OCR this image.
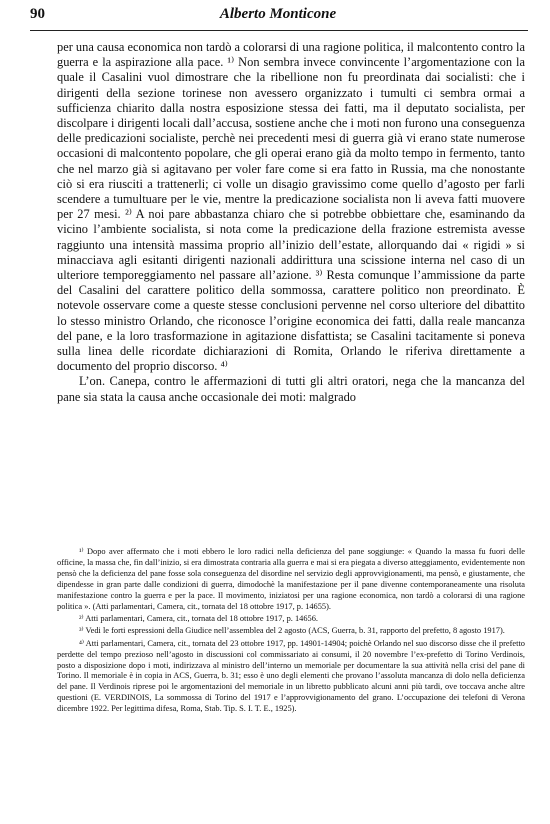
90	Alberto Monticone

per una causa economica non tardò a colorarsi di una ragione politica, il malcontento contro la guerra e la aspirazione alla pace. ¹⁾ Non sembra invece convincente l’argomentazione con la quale il Casalini vuol dimostrare che la ribellione non fu preordinata dai socialisti: che i dirigenti della sezione torinese non avessero organizzato i tumulti ci sembra ormai a sufficienza chiarito dalla nostra esposizione stessa dei fatti, ma il deputato socialista, per discolpare i dirigenti locali dall’accusa, sostiene anche che i moti non furono una conseguenza delle predicazioni socialiste, perchè nei precedenti mesi di guerra già vi erano state numerose occasioni di malcontento popolare, che gli operai erano già da molto tempo in fermento, tanto che nel marzo già si agitavano per voler fare come si era fatto in Russia, ma che nonostante ciò si era riusciti a trattenerli; ci volle un disagio gravissimo come quello d’agosto per farli scendere a tumultuare per le vie, mentre la predicazione socialista non li aveva fatti muovere per 27 mesi. ²⁾ A noi pare abbastanza chiaro che si potrebbe obbiettare che, esaminando da vicino l’ambiente socialista, si nota come la predicazione della frazione estremista avesse raggiunto una intensità massima proprio all’inizio dell’estate, allorquando dai « rigidi » si minacciava agli esitanti dirigenti nazionali addirittura una scissione interna nel caso di un ulteriore temporeggiamento nel passare all’azione. ³⁾ Resta comunque l’ammissione da parte del Casalini del carattere politico della sommossa, carattere politico non preordinato. È notevole osservare come a queste stesse conclusioni pervenne nel corso ulteriore del dibattito lo stesso ministro Orlando, che riconosce l’origine economica dei fatti, dalla reale mancanza del pane, e la loro trasformazione in agitazione disfattista; se Casalini tacitamente si poneva sulla linea delle ricordate dichiarazioni di Romita, Orlando le riferiva direttamente a documento del proprio discorso. ⁴⁾

L’on. Canepa, contro le affermazioni di tutti gli altri oratori, nega che la mancanza del pane sia stata la causa anche occasionale dei moti: malgrado

¹⁾ Dopo aver affermato che i moti ebbero le loro radici nella deficienza del pane soggiunge: « Quando la massa fu fuori delle officine, la massa che, fin dall’inizio, si era dimostrata contraria alla guerra e mai si era piegata a diverso atteggiamento, evidentemente non pensò che la deficienza del pane fosse sola conseguenza del disordine nel servizio degli approvvigionamenti, ma pensò, e giustamente, che dipendesse in gran parte dalle condizioni di guerra, dimodochè la manifestazione per il pane divenne contemporaneamente una risoluta manifestazione contro la guerra e per la pace. Il movimento, iniziatosi per una ragione economica, non tardò a colorarsi di una ragione politica ». (Atti parlamentari, Camera, cit., tornata del 18 ottobre 1917, p. 14655).

²⁾ Atti parlamentari, Camera, cit., tornata del 18 ottobre 1917, p. 14656.

³⁾ Vedi le forti espressioni della Giudice nell’assemblea del 2 agosto (ACS, Guerra, b. 31, rapporto del prefetto, 8 agosto 1917).

⁴⁾ Atti parlamentari, Camera, cit., tornata del 23 ottobre 1917, pp. 14901-14904; poichè Orlando nel suo discorso disse che il prefetto perdette del tempo prezioso nell’agosto in discussioni col commissariato ai consumi, il 20 novembre l’ex-prefetto di Torino Verdinois, posto a disposizione dopo i moti, indirizzava al ministro dell’interno un memoriale per documentare la sua attività nella crisi del pane di Torino. Il memoriale è in copia in ACS, Guerra, b. 31; esso è uno degli elementi che provano l’assoluta mancanza di dolo nella deficienza del pane. Il Verdinois riprese poi le argomentazioni del memoriale in un libretto pubblicato alcuni anni più tardi, ove toccava anche altre questioni (E. VERDINOIS, La sommossa di Torino del 1917 e l’approvvigionamento del grano. L’occupazione dei telefoni di Verona dicembre 1922. Per legittima difesa, Roma, Stab. Tip. S. I. T. E., 1925).
